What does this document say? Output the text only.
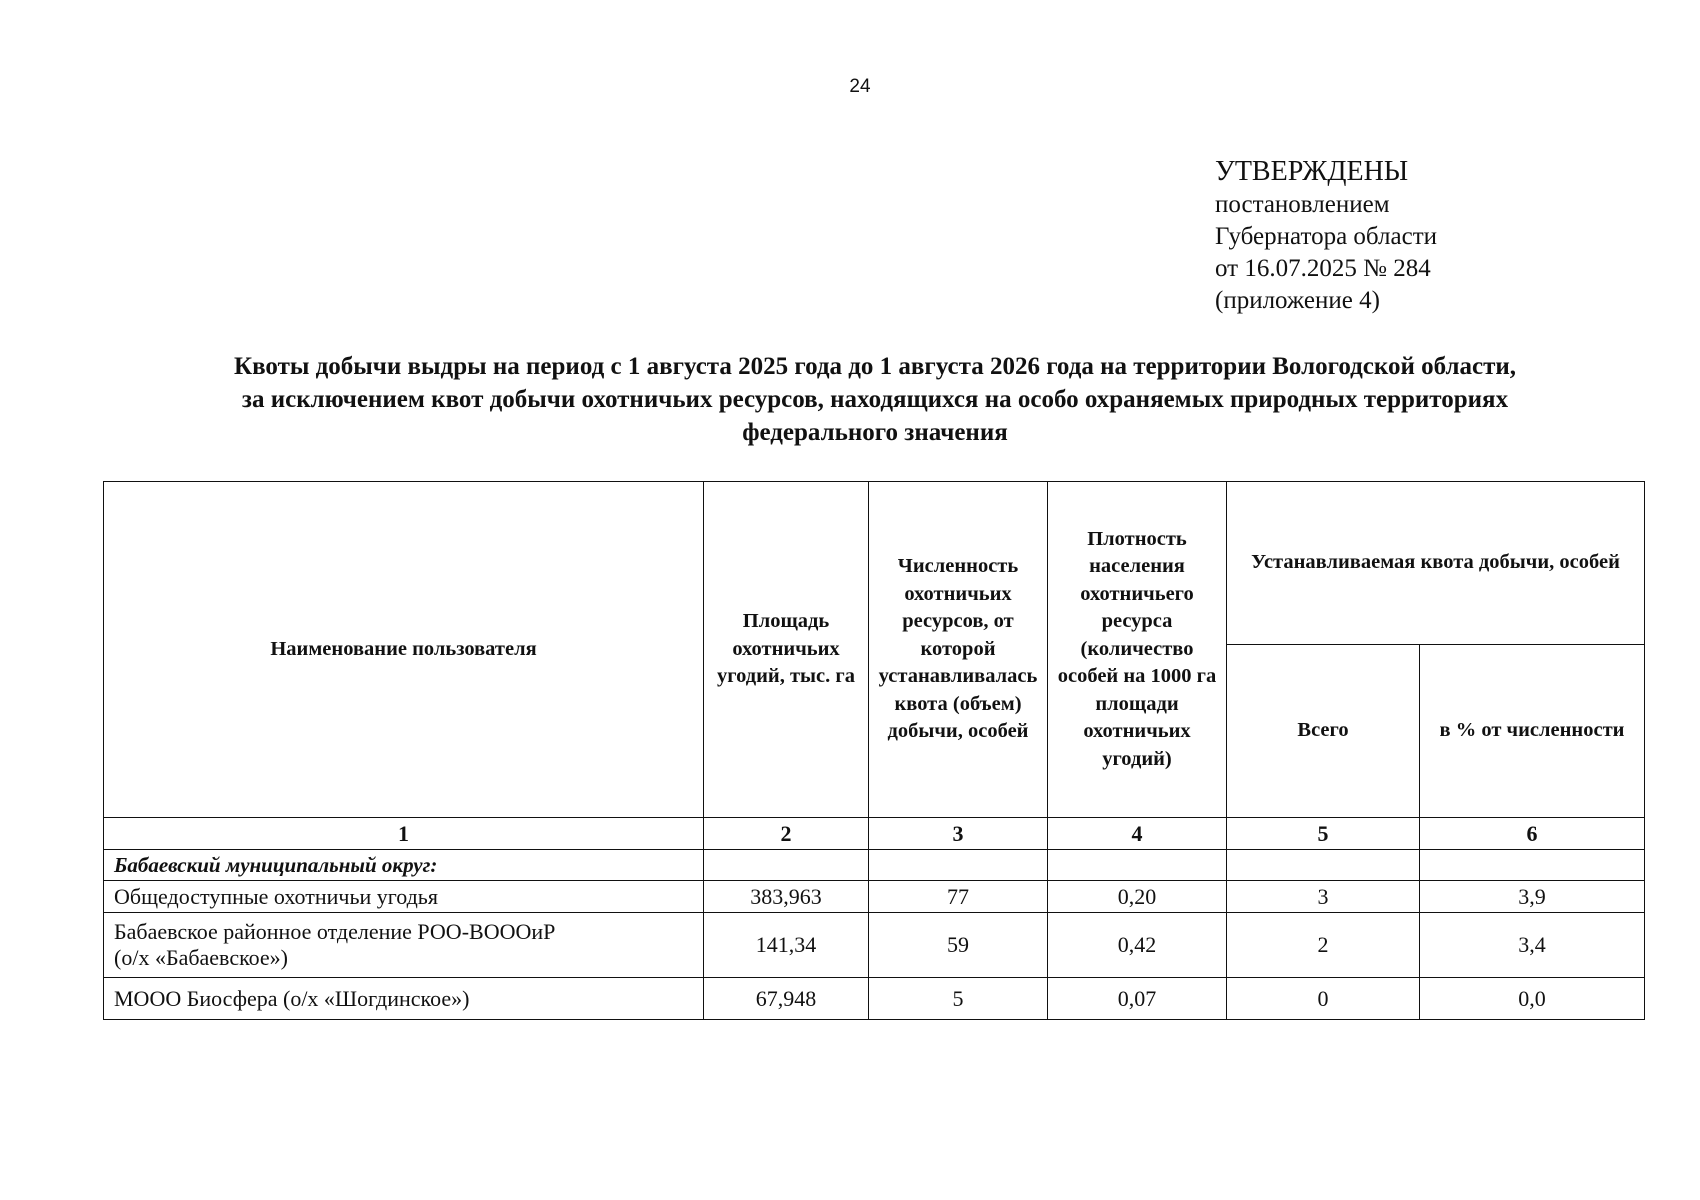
24
УТВЕРЖДЕНЫ
постановлением
Губернатора области
от 16.07.2025 № 284
(приложение 4)
Квоты добычи выдры на период с 1 августа 2025 года до 1 августа 2026 года на территории Вологодской области,
за исключением квот добычи охотничьих ресурсов, находящихся на особо охраняемых природных территориях
федерального значения
Наименование пользователя	Площадь охотничьих угодий, тыс. га	Численность охотничьих ресурсов, от которой устанавливалась квота (объем) добычи, особей	Плотность населения охотничьего ресурса (количество особей на 1000 га площади охотничьих угодий)	Устанавливаемая квота добычи, особей	
				Всего	в % от численности
1	2	3	4	5	6
Бабаевский муниципальный округ:					
Общедоступные охотничьи угодья	383,963	77	0,20	3	3,9

Бабаевское районное отделение РОО-ВОООиР
(о/х «Бабаевское»)	141,34	59	0,42	2	3,4
МООО Биосфера (о/х «Шогдинское»)	67,948	5	0,07	0	0,0
